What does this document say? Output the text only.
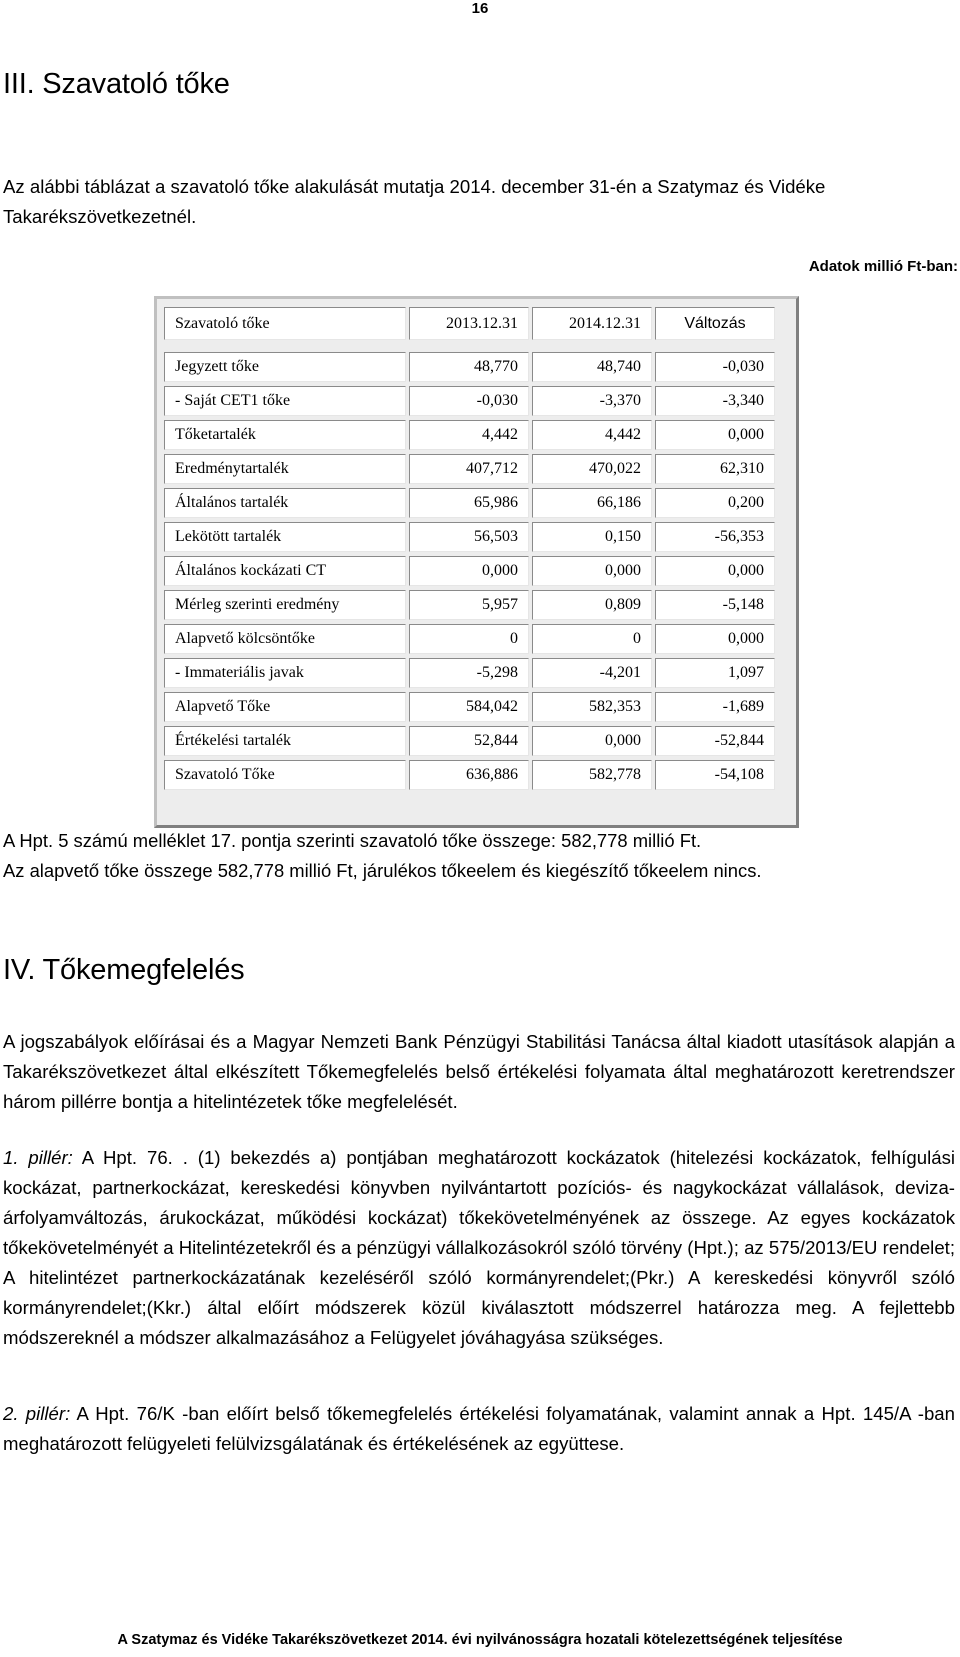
16
III. Szavatoló tőke

Az alábbi táblázat a szavatoló tőke alakulását mutatja 2014. december 31-én a Szatymaz és Vidéke Takarékszövetkezetnél.

Adatok millió Ft-ban:
Szavatoló tőke	2013.12.31	2014.12.31	Változás

Jegyzett tőke	48,770	48,740	-0,030
- Saját CET1 tőke	-0,030	-3,370	-3,340
Tőketartalék	4,442	4,442	0,000
Eredménytartalék	407,712	470,022	62,310
Általános tartalék	65,986	66,186	0,200
Lekötött tartalék	56,503	0,150	-56,353
Általános kockázati CT	0,000	0,000	0,000
Mérleg szerinti eredmény	5,957	0,809	-5,148
Alapvető kölcsöntőke	0	0	0,000
- Immateriális javak	-5,298	-4,201	1,097
Alapvető Tőke	584,042	582,353	-1,689
Értékelési tartalék	52,844	0,000	-52,844
Szavatoló Tőke	636,886	582,778	-54,108

A Hpt. 5 számú melléklet 17. pontja szerinti szavatoló tőke összege: 582,778 millió Ft.

Az alapvető tőke összege 582,778 millió Ft, járulékos tőkeelem és kiegészítő tőkeelem nincs.

IV. Tőkemegfelelés

A jogszabályok előírásai és a Magyar Nemzeti Bank Pénzügyi Stabilitási Tanácsa által kiadott utasítások alapján a Takarékszövetkezet által elkészített Tőkemegfelelés belső értékelési folyamata által meghatározott keretrendszer három pillérre bontja a hitelintézetek tőke megfelelését.

1. pillér: A Hpt. 76. . (1) bekezdés a) pontjában meghatározott kockázatok (hitelezési kockázatok, felhígulási kockázat, partnerkockázat, kereskedési könyvben nyilvántartott pozíciós- és nagykockázat vállalások, deviza-árfolyamváltozás, árukockázat, működési kockázat) tőkekövetelményének az összege. Az egyes kockázatok tőkekövetelményét a Hitelintézetekről és a pénzügyi vállalkozásokról szóló törvény (Hpt.); az 575/2013/EU rendelet; A hitelintézet partnerkockázatának kezeléséről szóló kormányrendelet;(Pkr.) A kereskedési könyvről szóló kormányrendelet;(Kkr.) által előírt módszerek közül kiválasztott módszerrel határozza meg. A fejlettebb módszereknél a módszer alkalmazásához a Felügyelet jóváhagyása szükséges.

2. pillér: A Hpt. 76/K -ban előírt belső tőkemegfelelés értékelési folyamatának, valamint annak a Hpt. 145/A -ban meghatározott felügyeleti felülvizsgálatának és értékelésének az együttese.

A Szatymaz és Vidéke Takarékszövetkezet 2014. évi nyilvánosságra hozatali kötelezettségének teljesítése
